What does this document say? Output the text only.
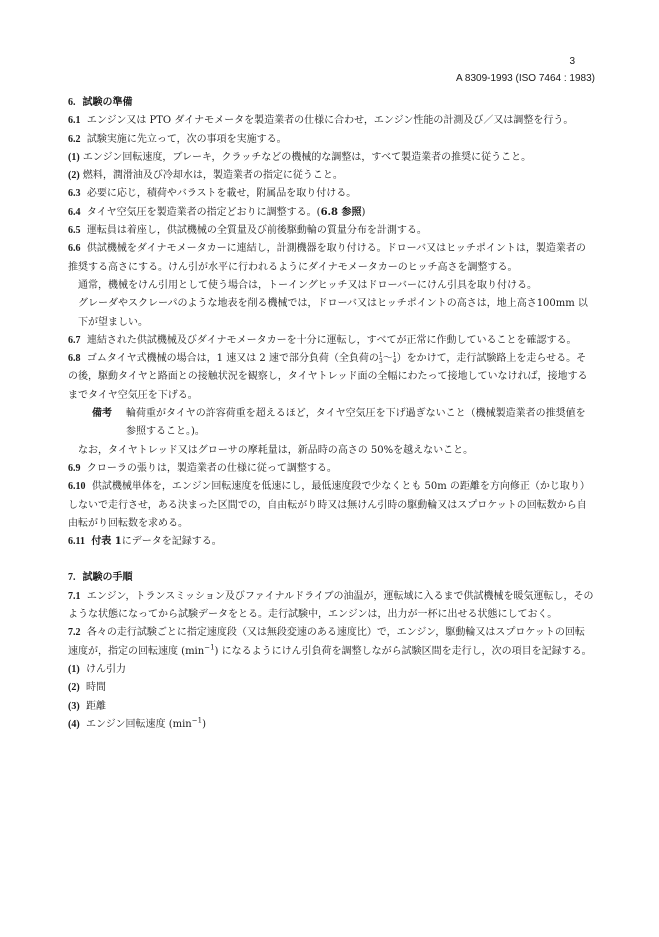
3
A 8309-1993 (ISO 7464 : 1983)

6. 試験の準備

6.1 エンジン又は PTO ダイナモメータを製造業者の仕様に合わせ，エンジン性能の計測及び／又は調整を行う。

6.2 試験実施に先立って，次の事項を実施する。

(1) エンジン回転速度，ブレーキ，クラッチなどの機械的な調整は，すべて製造業者の推奨に従うこと。

(2) 燃料，潤滑油及び冷却水は，製造業者の指定に従うこと。

6.3 必要に応じ，積荷やバラストを載せ，附属品を取り付ける。

6.4 タイヤ空気圧を製造業者の指定どおりに調整する。(6.8 参照)

6.5 運転員は着座し，供試機械の全質量及び前後駆動輪の質量分布を計測する。

6.6 供試機械をダイナモメータカーに連結し，計測機器を取り付ける。ドローバ又はヒッチポイントは，製造業者の推奨する高さにする。けん引が水平に行われるようにダイナモメータカーのヒッチ高さを調整する。

通常，機械をけん引用として使う場合は，トーイングヒッチ又はドローバーにけん引具を取り付ける。

グレーダやスクレーパのような地表を削る機械では，ドローバ又はヒッチポイントの高さは，地上高さ100mm 以下が望ましい。

6.7 連結された供試機械及びダイナモメータカーを十分に運転し，すべてが正常に作動していることを確認する。

6.8 ゴムタイヤ式機械の場合は，1 速又は 2 速で部分負荷（全負荷の 1
3 ～ 1
4 ）をかけて，走行試験路上を走らせる。その後，駆動タイヤと路面との接触状況を観察し，タイヤトレッド面の全幅にわたって接地していなければ，接地するまでタイヤ空気圧を下げる。

備考	輪荷重がタイヤの許容荷重を超えるほど，タイヤ空気圧を下げ過ぎないこと（機械製造業者の推奨値を参照すること。)。

なお，タイヤトレッド又はグローサの摩耗量は，新品時の高さの 50%を越えないこと。

6.9 クローラの張りは，製造業者の仕様に従って調整する。

6.10 供試機械単体を，エンジン回転速度を低速にし，最低速度段で少なくとも 50m の距離を方向修正（かじ取り）しないで走行させ，ある決まった区間での，自由転がり時又は無けん引時の駆動輪又はスプロケットの回転数から自由転がり回転数を求める。

6.11 付表 1にデータを記録する。

7. 試験の手順

7.1 エンジン，トランスミッション及びファイナルドライブの油温が，運転域に入るまで供試機械を暖気運転し，そのような状態になってから試験データをとる。走行試験中，エンジンは，出力が一杯に出せる状態にしておく。

7.2 各々の走行試験ごとに指定速度段（又は無段変速のある速度比）で，エンジン，駆動輪又はスプロケットの回転速度が，指定の回転速度 $(\min^{-1})$ になるようにけん引負荷を調整しながら試験区間を走行し，次の項目を記録する。

(1) けん引力

(2) 時間

(3) 距離

(4) エンジン回転速度 $(\min^{-1})$
